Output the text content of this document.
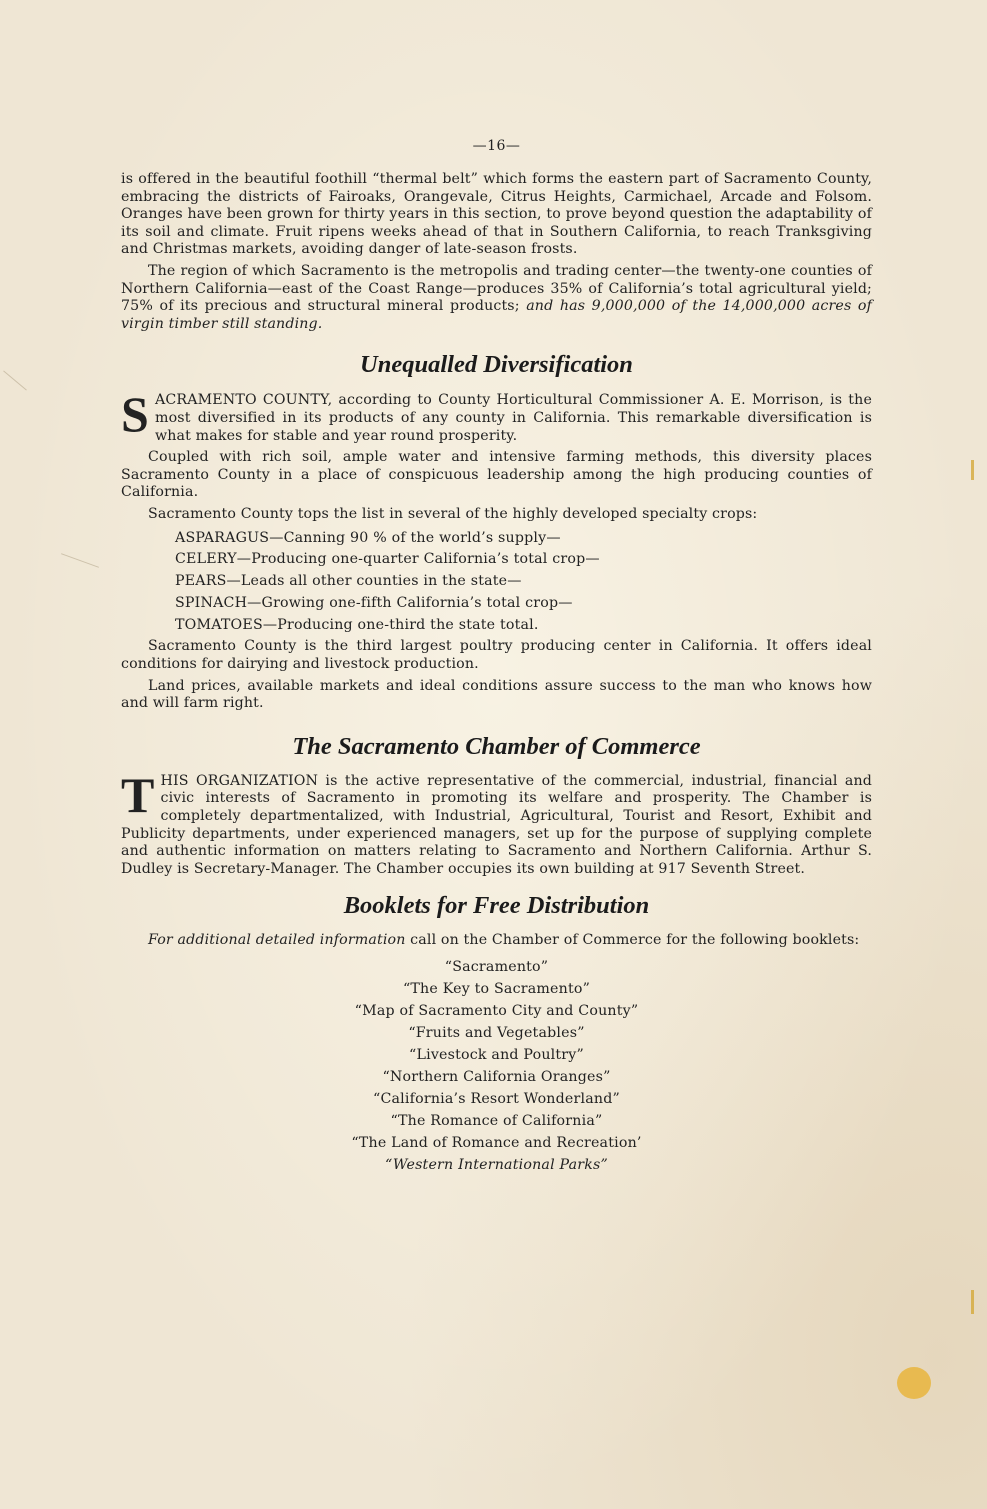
—16—

is offered in the beautiful foothill “thermal belt” which forms the eastern part of Sacramento County, embracing the districts of Fairoaks, Orangevale, Citrus Heights, Carmichael, Arcade and Folsom. Oranges have been grown for thirty years in this section, to prove beyond question the adaptability of its soil and climate. Fruit ripens weeks ahead of that in Southern California, to reach Tranksgiving and Christmas markets, avoiding danger of late-season frosts.

The region of which Sacramento is the metropolis and trading center—the twenty-one counties of Northern California—east of the Coast Range—produces 35% of California’s total agricultural yield; 75% of its precious and structural mineral products; and has 9,000,000 of the 14,000,000 acres of virgin timber still standing.

Unequalled Diversification

SACRAMENTO COUNTY, according to County Horticultural Commissioner A. E. Morrison, is the most diversified in its products of any county in California. This remarkable diversification is what makes for stable and year round prosperity.

Coupled with rich soil, ample water and intensive farming methods, this diversity places Sacramento County in a place of conspicuous leadership among the high producing counties of California.

Sacramento County tops the list in several of the highly developed specialty crops:

ASPARAGUS—Canning 90 % of the world’s supply—
CELERY—Producing one-quarter California’s total crop—
PEARS—Leads all other counties in the state—
SPINACH—Growing one-fifth California’s total crop—
TOMATOES—Producing one-third the state total.

Sacramento County is the third largest poultry producing center in California. It offers ideal conditions for dairying and livestock production.

Land prices, available markets and ideal conditions assure success to the man who knows how and will farm right.

The Sacramento Chamber of Commerce

THIS ORGANIZATION is the active representative of the commercial, industrial, financial and civic interests of Sacramento in promoting its welfare and prosperity. The Chamber is completely departmentalized, with Industrial, Agricultural, Tourist and Resort, Exhibit and Publicity departments, under experienced managers, set up for the purpose of supplying complete and authentic information on matters relating to Sacramento and Northern California. Arthur S. Dudley is Secretary-Manager. The Chamber occupies its own building at 917 Seventh Street.

Booklets for Free Distribution

For additional detailed information call on the Chamber of Commerce for the following booklets:

“Sacramento”
“The Key to Sacramento”
“Map of Sacramento City and County”
“Fruits and Vegetables”
“Livestock and Poultry”
“Northern California Oranges”
“California’s Resort Wonderland”
“The Romance of California”
“The Land of Romance and Recreation’
“Western International Parks”
